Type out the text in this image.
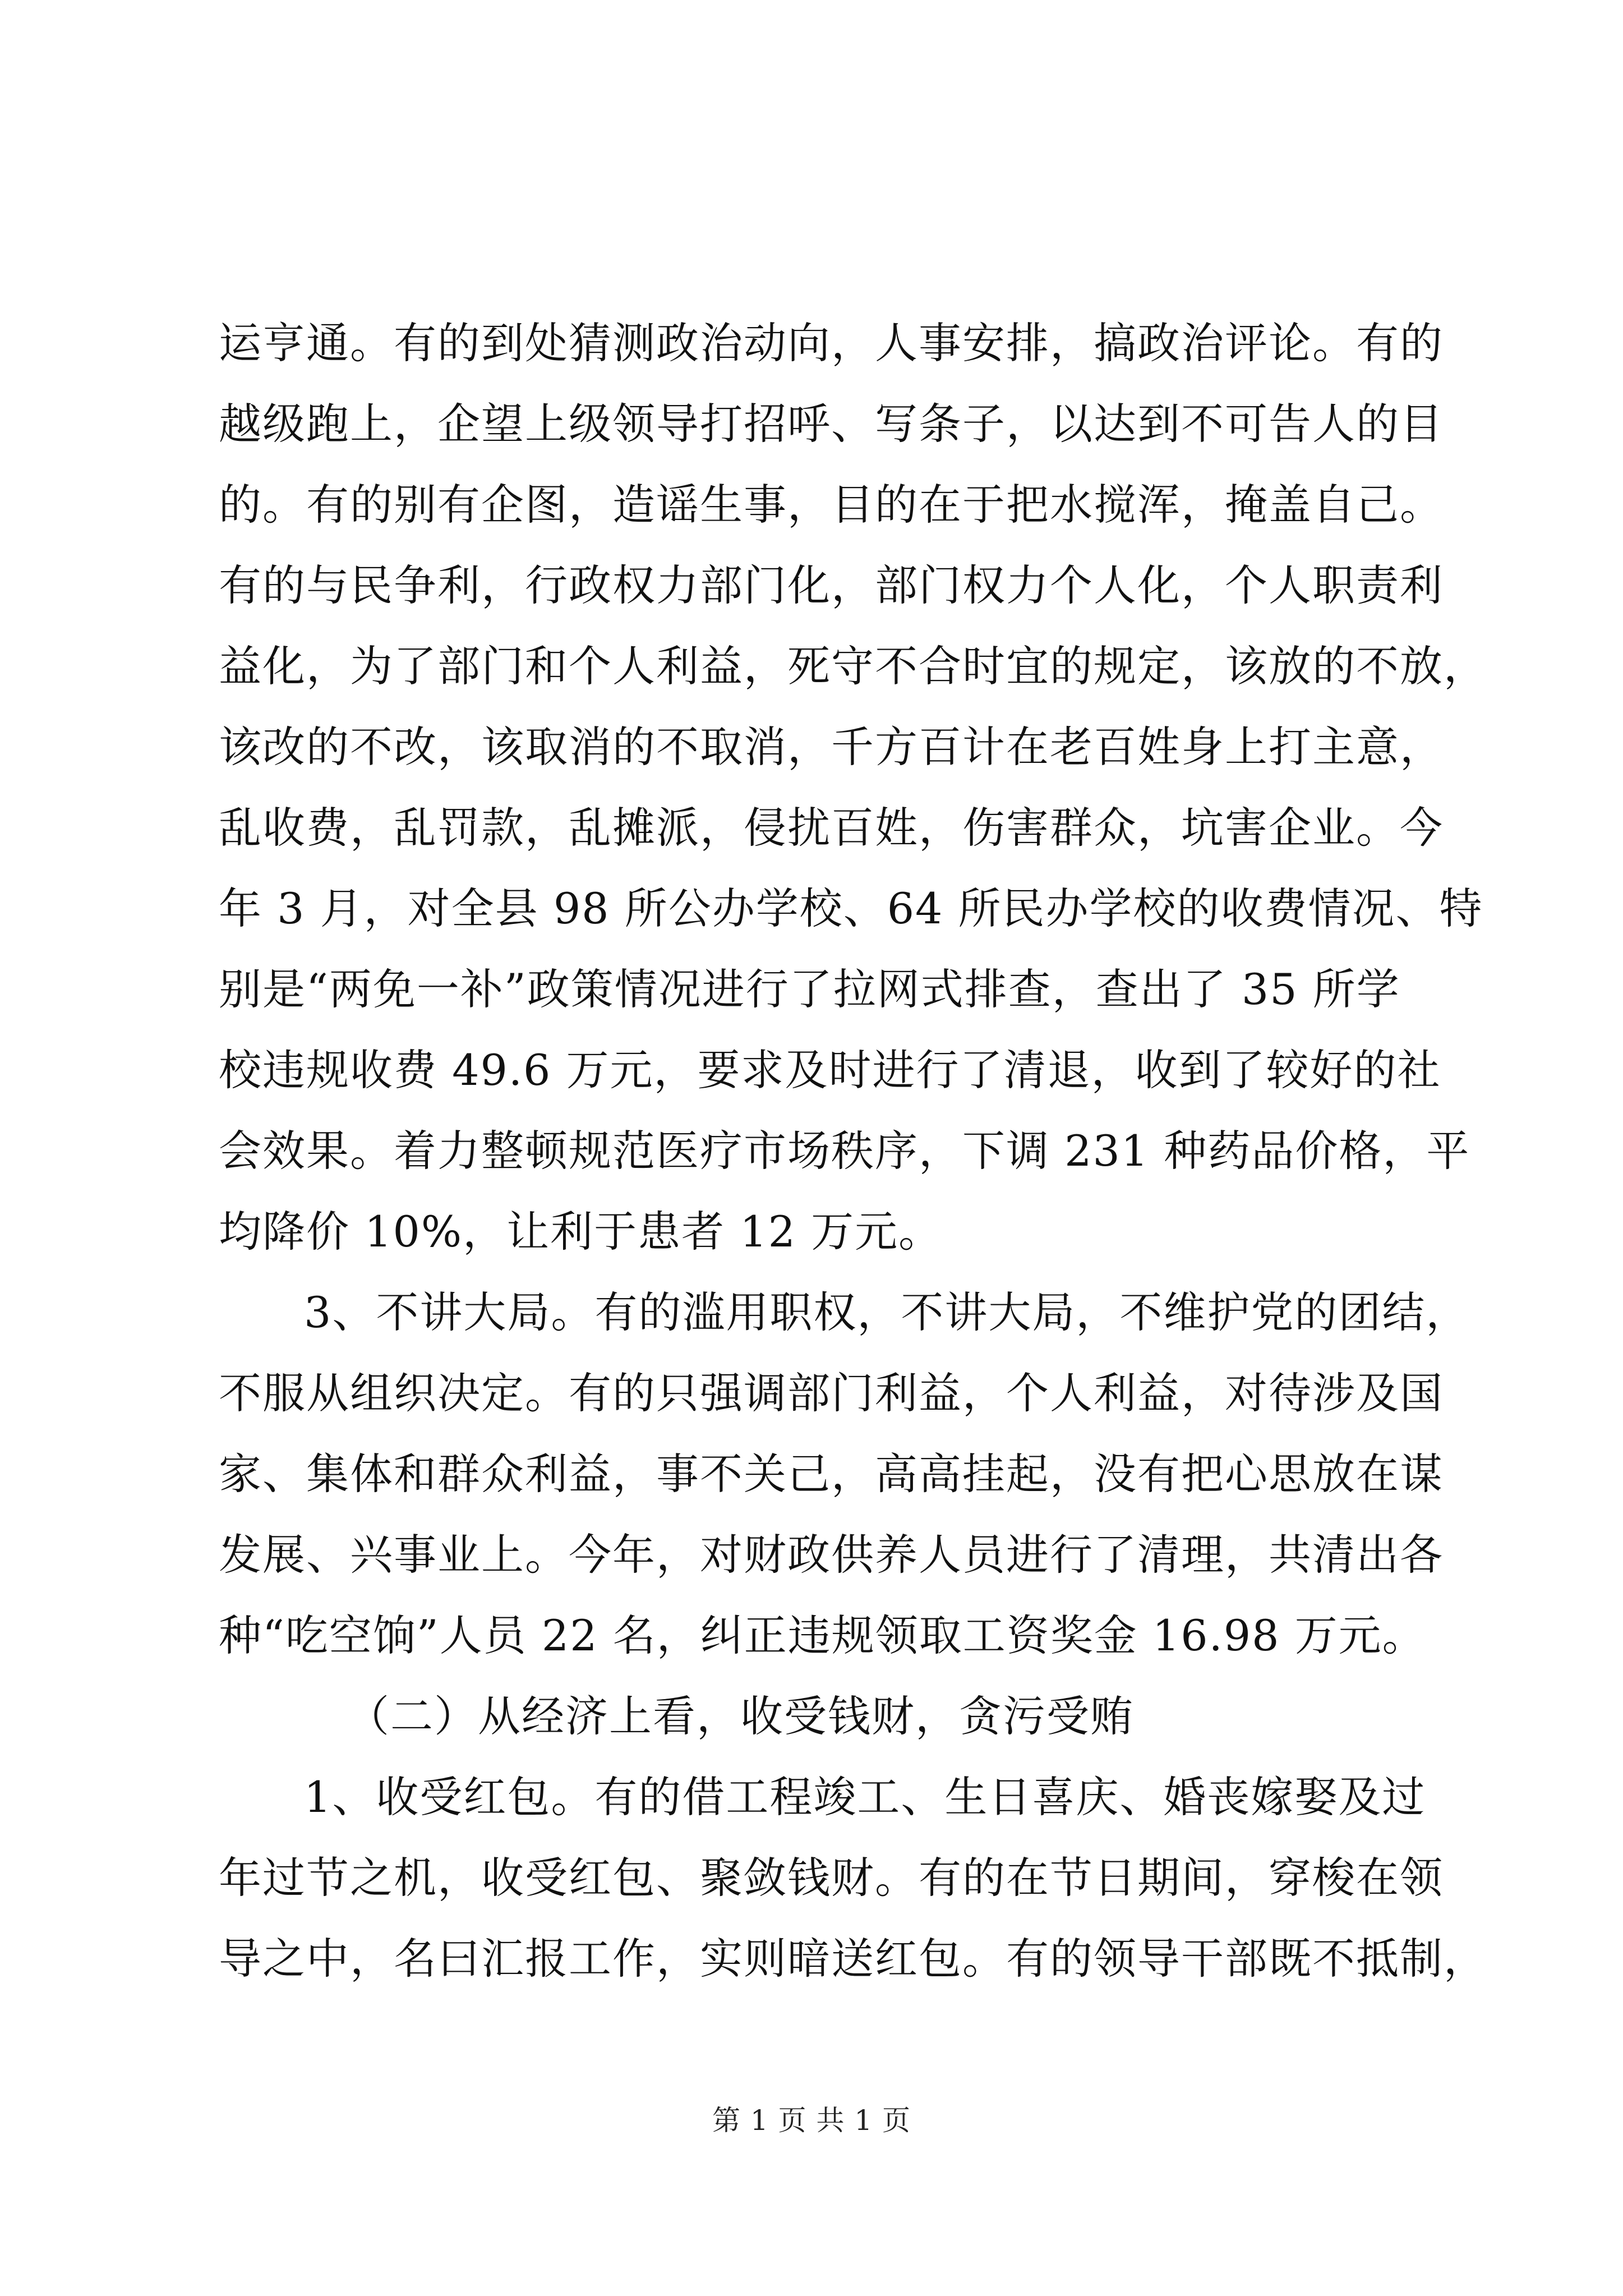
运亨通。有的到处猜测政治动向，人事安排，搞政治评论。有的
越级跑上，企望上级领导打招呼、写条子，以达到不可告人的目
的。有的别有企图，造谣生事，目的在于把水搅浑，掩盖自己。
有的与民争利，行政权力部门化，部门权力个人化，个人职责利
益化，为了部门和个人利益，死守不合时宜的规定，该放的不放，
该改的不改，该取消的不取消，千方百计在老百姓身上打主意，
乱收费，乱罚款，乱摊派，侵扰百姓，伤害群众，坑害企业。今
年 3 月，对全县 98 所公办学校、64 所民办学校的收费情况、特
别是“两免一补”政策情况进行了拉网式排查，查出了 35 所学
校违规收费 49.6 万元，要求及时进行了清退，收到了较好的社
会效果。着力整顿规范医疗市场秩序，下调 231 种药品价格，平
均降价 10%，让利于患者 12 万元。
3、不讲大局。有的滥用职权，不讲大局，不维护党的团结，
不服从组织决定。有的只强调部门利益，个人利益，对待涉及国
家、集体和群众利益，事不关己，高高挂起，没有把心思放在谋
发展、兴事业上。今年，对财政供养人员进行了清理，共清出各
种“吃空饷”人员 22 名，纠正违规领取工资奖金 16.98 万元。
（二）从经济上看，收受钱财，贪污受贿
1、收受红包。有的借工程竣工、生日喜庆、婚丧嫁娶及过
年过节之机，收受红包、聚敛钱财。有的在节日期间，穿梭在领
导之中，名曰汇报工作，实则暗送红包。有的领导干部既不抵制，
第 1 页 共 1 页
